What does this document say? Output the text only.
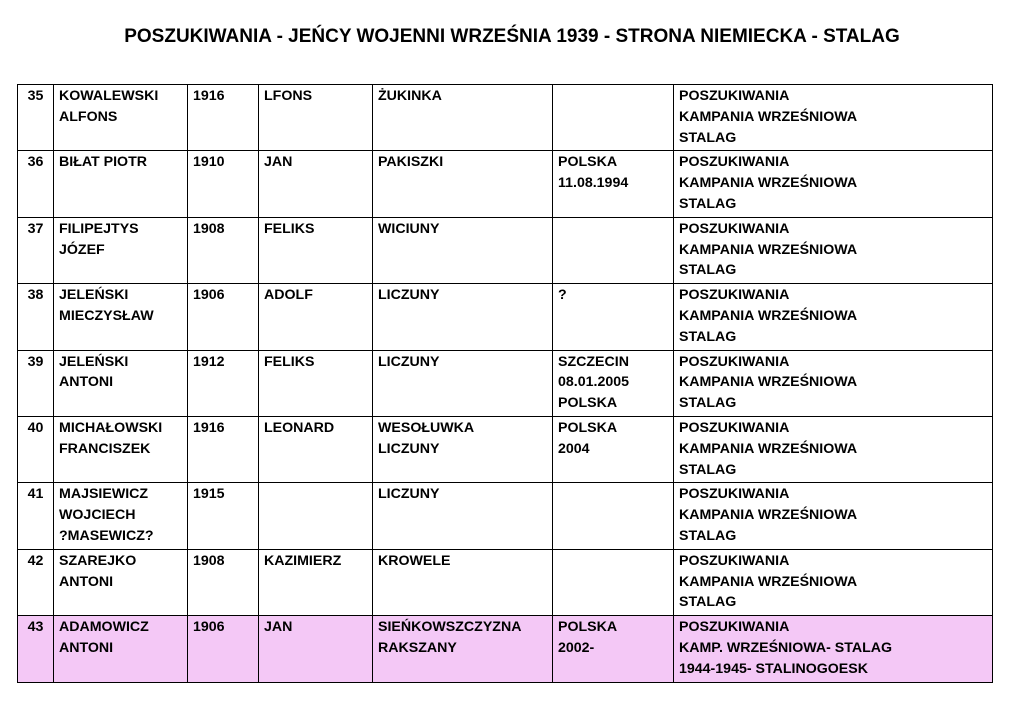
POSZUKIWANIA - JEŃCY WOJENNI WRZEŚNIA 1939 - STRONA NIEMIECKA - STALAG
35	KOWALEWSKI
ALFONS	1916	LFONS	ŻUKINKA		POSZUKIWANIA
KAMPANIA WRZEŚNIOWA
STALAG

36	BIŁAT PIOTR	1910	JAN	PAKISZKI	POLSKA
11.08.1994	POSZUKIWANIA
KAMPANIA WRZEŚNIOWA
STALAG

37	FILIPEJTYS
JÓZEF	1908	FELIKS	WICIUNY		POSZUKIWANIA
KAMPANIA WRZEŚNIOWA
STALAG

38	JELEŃSKI
MIECZYSŁAW	1906	ADOLF	LICZUNY	?	POSZUKIWANIA
KAMPANIA WRZEŚNIOWA
STALAG

39	JELEŃSKI
ANTONI	1912	FELIKS	LICZUNY	SZCZECIN
08.01.2005
POLSKA	POSZUKIWANIA
KAMPANIA WRZEŚNIOWA
STALAG

40	MICHAŁOWSKI
FRANCISZEK	1916	LEONARD	WESOŁUWKA
LICZUNY	POLSKA
2004	POSZUKIWANIA
KAMPANIA WRZEŚNIOWA
STALAG

41	MAJSIEWICZ
WOJCIECH
?MASEWICZ?	1915		LICZUNY		POSZUKIWANIA
KAMPANIA WRZEŚNIOWA
STALAG

42	SZAREJKO
ANTONI	1908	KAZIMIERZ	KROWELE		POSZUKIWANIA
KAMPANIA WRZEŚNIOWA
STALAG

43	ADAMOWICZ
ANTONI	1906	JAN	SIEŃKOWSZCZYZNA
RAKSZANY	POLSKA
2002-	POSZUKIWANIA
KAMP. WRZEŚNIOWA- STALAG
1944-1945- STALINOGOESK
